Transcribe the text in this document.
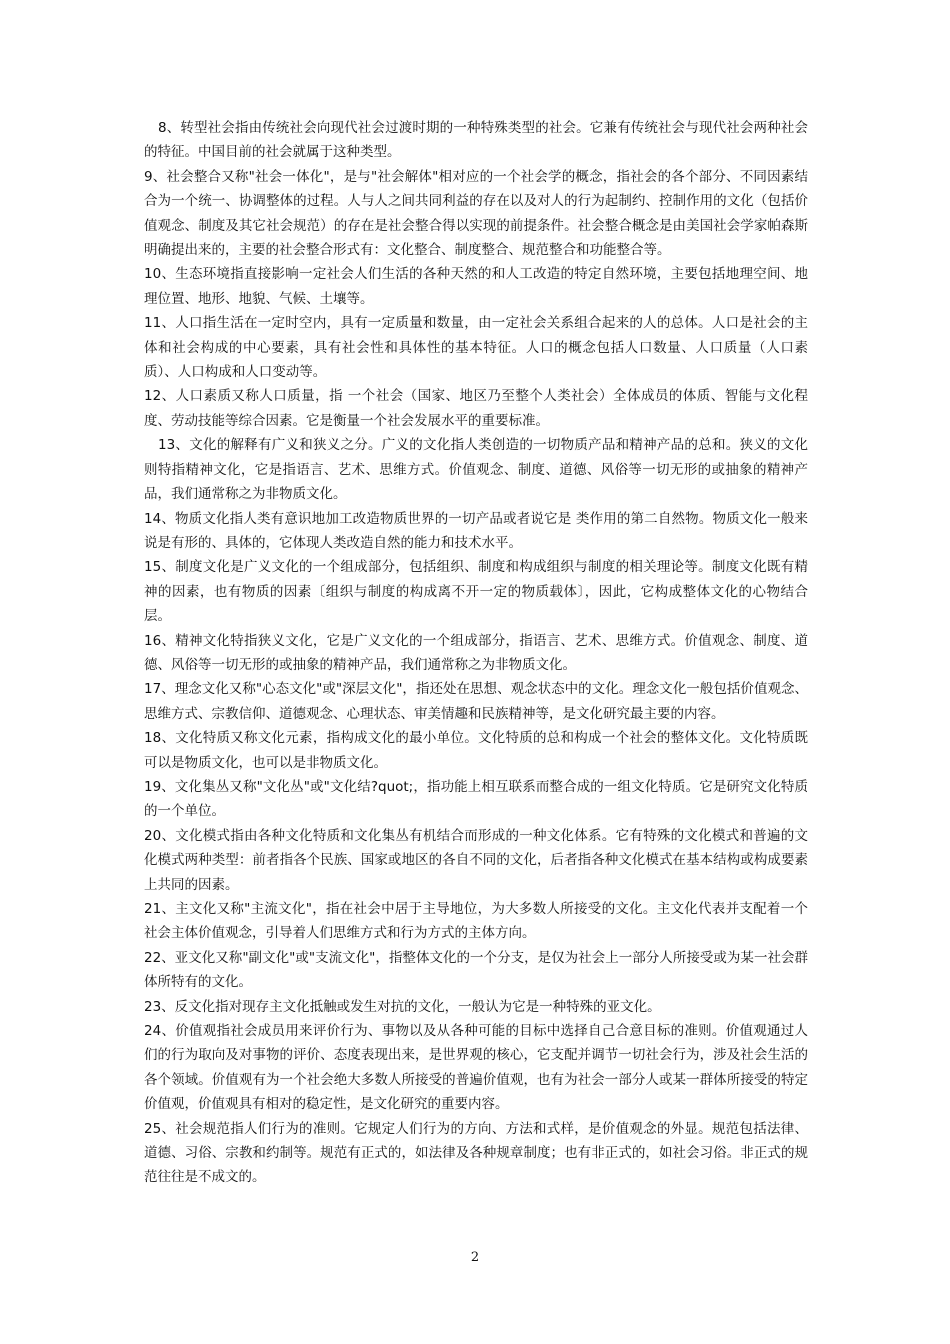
8、转型社会指由传统社会向现代社会过渡时期的一种特殊类型的社会。它兼有传统社会与现代社会两种社会的特征。中国目前的社会就属于这种类型。

9、社会整合又称"社会一体化"，是与"社会解体"相对应的一个社会学的概念，指社会的各个部分、不同因素结合为一个统一、协调整体的过程。人与人之间共同利益的存在以及对人的行为起制约、控制作用的文化（包括价值观念、制度及其它社会规范）的存在是社会整合得以实现的前提条件。社会整合概念是由美国社会学家帕森斯明确提出来的，主要的社会整合形式有：文化整合、制度整合、规范整合和功能整合等。

10、生态环境指直接影响一定社会人们生活的各种天然的和人工改造的特定自然环境，主要包括地理空间、地理位置、地形、地貌、气候、土壤等。

11、人口指生活在一定时空内，具有一定质量和数量，由一定社会关系组合起来的人的总体。人口是社会的主体和社会构成的中心要素，具有社会性和具体性的基本特征。人口的概念包括人口数量、人口质量（人口素质）、人口构成和人口变动等。

12、人口素质又称人口质量，指 一个社会（国家、地区乃至整个人类社会）全体成员的体质、智能与文化程度、劳动技能等综合因素。它是衡量一个社会发展水平的重要标准。

13、文化的解释有广义和狭义之分。广义的文化指人类创造的一切物质产品和精神产品的总和。狭义的文化则特指精神文化，它是指语言、艺术、思维方式。价值观念、制度、道德、风俗等一切无形的或抽象的精神产品，我们通常称之为非物质文化。

14、物质文化指人类有意识地加工改造物质世界的一切产品或者说它是 类作用的第二自然物。物质文化一般来说是有形的、具体的，它体现人类改造自然的能力和技术水平。

15、制度文化是广义文化的一个组成部分，包括组织、制度和构成组织与制度的相关理论等。制度文化既有精神的因素，也有物质的因素〔组织与制度的构成离不开一定的物质载体〕，因此，它构成整体文化的心物结合层。

16、精神文化特指狭义文化，它是广义文化的一个组成部分，指语言、艺术、思维方式。价值观念、制度、道德、风俗等一切无形的或抽象的精神产品，我们通常称之为非物质文化。

17、理念文化又称"心态文化"或"深层文化"，指还处在思想、观念状态中的文化。理念文化一般包括价值观念、思维方式、宗教信仰、道德观念、心理状态、审美情趣和民族精神等，是文化研究最主要的内容。

18、文化特质又称文化元素，指构成文化的最小单位。文化特质的总和构成一个社会的整体文化。文化特质既可以是物质文化，也可以是非物质文化。

19、文化集丛又称"文化丛"或"文化结?quot;，指功能上相互联系而整合成的一组文化特质。它是研究文化特质的一个单位。

20、文化模式指由各种文化特质和文化集丛有机结合而形成的一种文化体系。它有特殊的文化模式和普遍的文化模式两种类型：前者指各个民族、国家或地区的各自不同的文化，后者指各种文化模式在基本结构或构成要素上共同的因素。

21、主文化又称"主流文化"，指在社会中居于主导地位，为大多数人所接受的文化。主文化代表并支配着一个社会主体价值观念，引导着人们思维方式和行为方式的主体方向。

22、亚文化又称"副文化"或"支流文化"，指整体文化的一个分支，是仅为社会上一部分人所接受或为某一社会群体所特有的文化。

23、反文化指对现存主文化抵触或发生对抗的文化，一般认为它是一种特殊的亚文化。

24、价值观指社会成员用来评价行为、事物以及从各种可能的目标中选择自己合意目标的准则。价值观通过人们的行为取向及对事物的评价、态度表现出来，是世界观的核心，它支配并调节一切社会行为，涉及社会生活的各个领域。价值观有为一个社会绝大多数人所接受的普遍价值观，也有为社会一部分人或某一群体所接受的特定价值观，价值观具有相对的稳定性，是文化研究的重要内容。

25、社会规范指人们行为的准则。它规定人们行为的方向、方法和式样，是价值观念的外显。规范包括法律、道德、习俗、宗教和约制等。规范有正式的，如法律及各种规章制度；也有非正式的，如社会习俗。非正式的规范往往是不成文的。

2
